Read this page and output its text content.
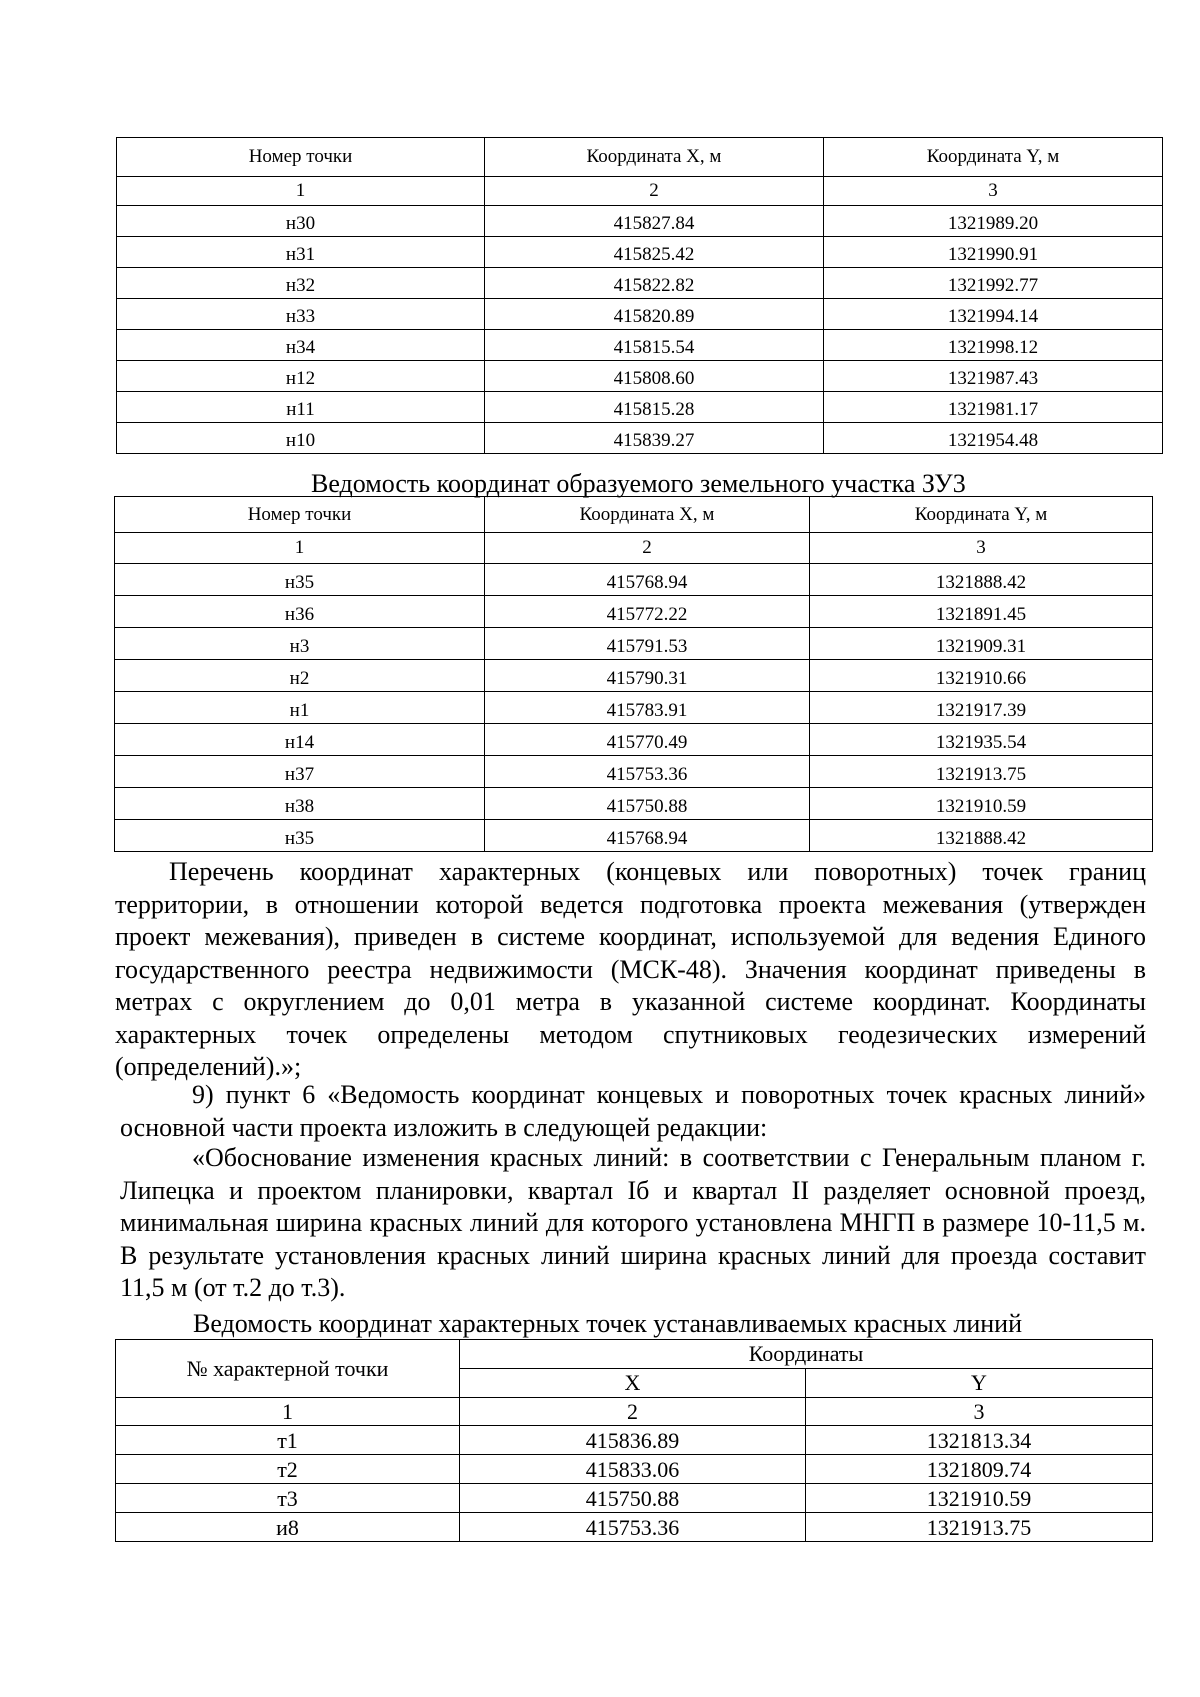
Номер точки	Координата X, м	Координата Y, м
1	2	3
н30	415827.84	1321989.20
н31	415825.42	1321990.91
н32	415822.82	1321992.77
н33	415820.89	1321994.14
н34	415815.54	1321998.12
н12	415808.60	1321987.43
н11	415815.28	1321981.17
н10	415839.27	1321954.48
Ведомость координат образуемого земельного участка ЗУ3
Номер точки	Координата X, м	Координата Y, м
1	2	3
н35	415768.94	1321888.42
н36	415772.22	1321891.45
н3	415791.53	1321909.31
н2	415790.31	1321910.66
н1	415783.91	1321917.39
н14	415770.49	1321935.54
н37	415753.36	1321913.75
н38	415750.88	1321910.59
н35	415768.94	1321888.42

Перечень координат характерных (концевых или поворотных) точек границ территории, в отношении которой ведется подготовка проекта межевания (утвержден проект межевания), приведен в системе координат, используемой для ведения Единого государственного реестра недвижимости (МСК-48). Значения координат приведены в метрах с округлением до 0,01 метра в указанной системе координат. Координаты характерных точек определены методом спутниковых геодезических измерений (определений).»;

9) пункт 6 «Ведомость координат концевых и поворотных точек красных линий» основной части проекта изложить в следующей редакции:

«Обоснование изменения красных линий: в соответствии с Генеральным планом г. Липецка и проектом планировки, квартал Iб и квартал II разделяет основной проезд, минимальная ширина красных линий для которого установлена МНГП в размере 10-11,5 м. В результате установления красных линий ширина красных линий для проезда составит 11,5 м (от т.2 до т.3).

Ведомость координат характерных точек устанавливаемых красных линий
№ характерной точки	Координаты	
	X	Y
1	2	3
т1	415836.89	1321813.34
т2	415833.06	1321809.74
т3	415750.88	1321910.59
и8	415753.36	1321913.75
